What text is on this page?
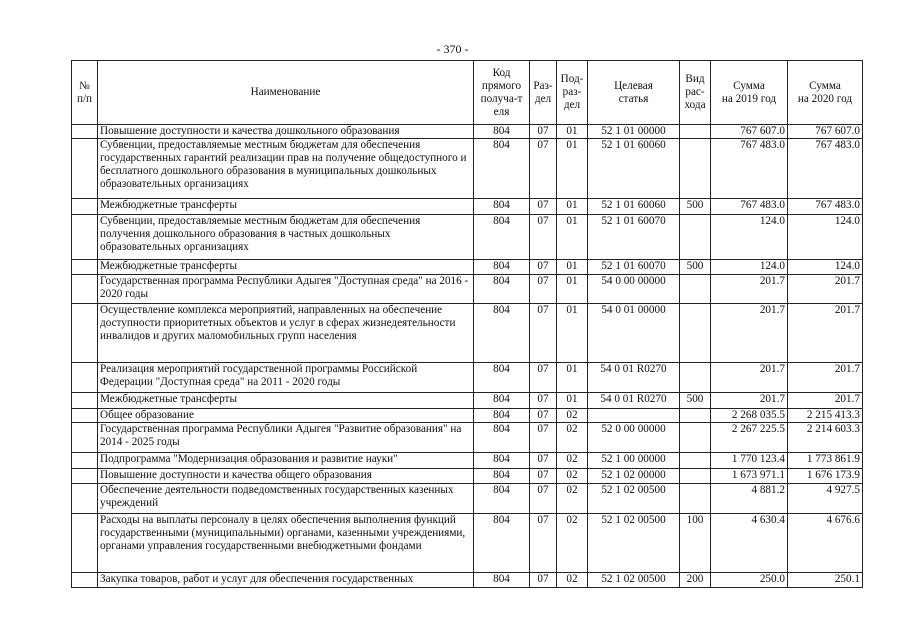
- 370 -
№
п/п	Наименование	Код
прямого
получа-т
еля	Раз-
дел	Под-
раз-
дел	Целевая
статья	Вид
рас-
хода	Сумма
на 2019 год	Сумма
на 2020 год
	Повышение доступности и качества дошкольного образования	804	07	01	52 1 01 00000		767 607.0	767 607.0
	Субвенции, предоставляемые местным бюджетам для обеспечения государственных гарантий реализации прав на получение общедоступного и бесплатного дошкольного образования в муниципальных дошкольных образовательных организациях	804	07	01	52 1 01 60060		767 483.0	767 483.0
	Межбюджетные трансферты	804	07	01	52 1 01 60060	500	767 483.0	767 483.0
	Субвенции, предоставляемые местным бюджетам для обеспечения получения дошкольного образования в частных дошкольных образовательных организациях	804	07	01	52 1 01 60070		124.0	124.0
	Межбюджетные трансферты	804	07	01	52 1 01 60070	500	124.0	124.0
	Государственная программа Республики Адыгея "Доступная среда" на 2016 - 2020 годы	804	07	01	54 0 00 00000		201.7	201.7
	Осуществление комплекса мероприятий, направленных на обеспечение доступности приоритетных объектов и услуг в сферах жизнедеятельности инвалидов и других маломобильных групп населения	804	07	01	54 0 01 00000		201.7	201.7
	Реализация мероприятий государственной программы Российской Федерации "Доступная среда" на 2011 - 2020 годы	804	07	01	54 0 01 R0270		201.7	201.7
	Межбюджетные трансферты	804	07	01	54 0 01 R0270	500	201.7	201.7
	Общее образование	804	07	02			2 268 035.5	2 215 413.3
	Государственная программа Республики Адыгея "Развитие образования" на 2014 - 2025 годы	804	07	02	52 0 00 00000		2 267 225.5	2 214 603.3
	Подпрограмма "Модернизация образования и развитие науки"	804	07	02	52 1 00 00000		1 770 123.4	1 773 861.9
	Повышение доступности и качества общего образования	804	07	02	52 1 02 00000		1 673 971.1	1 676 173.9
	Обеспечение деятельности подведомственных государственных казенных учреждений	804	07	02	52 1 02 00500		4 881.2	4 927.5
	Расходы на выплаты персоналу в целях обеспечения выполнения функций государственными (муниципальными) органами, казенными учреждениями, органами управления государственными внебюджетными фондами	804	07	02	52 1 02 00500	100	4 630.4	4 676.6
	Закупка товаров, работ и услуг для обеспечения государственных	804	07	02	52 1 02 00500	200	250.0	250.1
